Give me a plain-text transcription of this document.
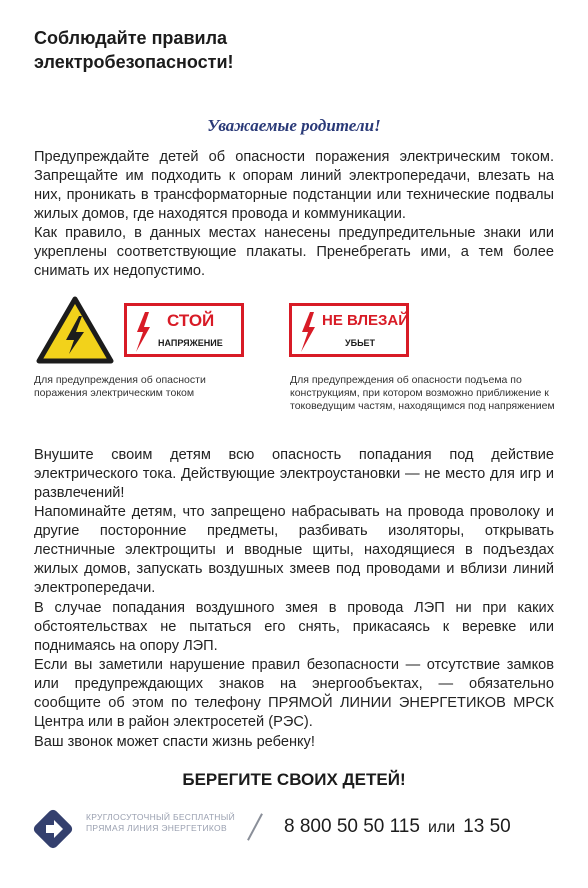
Соблюдайте правила
электробезопасности!
Уважаемые родители!
Предупреждайте детей об опасности поражения электрическим током. Запрещайте им подходить к опорам линий электропередачи, влезать на них, проникать в трансформаторные подстанции или технические подвалы жилых домов, где находятся провода и коммуникации.
Как правило, в данных местах нанесены предупредительные знаки или укреплены соответствующие плакаты. Пренебрегать ими, а тем более снимать их недопустимо.
СТОЙ
НАПРЯЖЕНИЕ
НЕ ВЛЕЗАЙ
УБЬЕТ
Для предупреждения об опасности поражения электрическим током
Для предупреждения об опасности подъема по конструкциям, при котором возможно приближение к токоведущим частям, находящимся под напряжением
Внушите своим детям всю опасность попадания под действие электрического тока. Действующие электроустановки — не место для игр и развлечений!
Напоминайте детям, что запрещено набрасывать на провода проволоку и другие посторонние предметы, разбивать изоляторы, открывать лестничные электрощиты и вводные щиты, находящиеся в подъездах жилых домов, запускать воздушных змеев под проводами и вблизи линий электропередачи.
В случае попадания воздушного змея в провода ЛЭП ни при каких обстоятельствах не пытаться его снять, прикасаясь к веревке или поднимаясь на опору ЛЭП.
Если вы заметили нарушение правил безопасности — отсутствие замков или предупреждающих знаков на энергообъектах, — обязательно сообщите об этом по телефону ПРЯМОЙ ЛИНИИ ЭНЕРГЕТИКОВ МРСК Центра или в район электросетей (РЭС).
Ваш звонок может спасти жизнь ребенку!
БЕРЕГИТЕ СВОИХ ДЕТЕЙ!
КРУГЛОСУТОЧНЫЙ БЕСПЛАТНЫЙ
ПРЯМАЯ ЛИНИЯ ЭНЕРГЕТИКОВ	8 800 50 50 115 или 13 50
